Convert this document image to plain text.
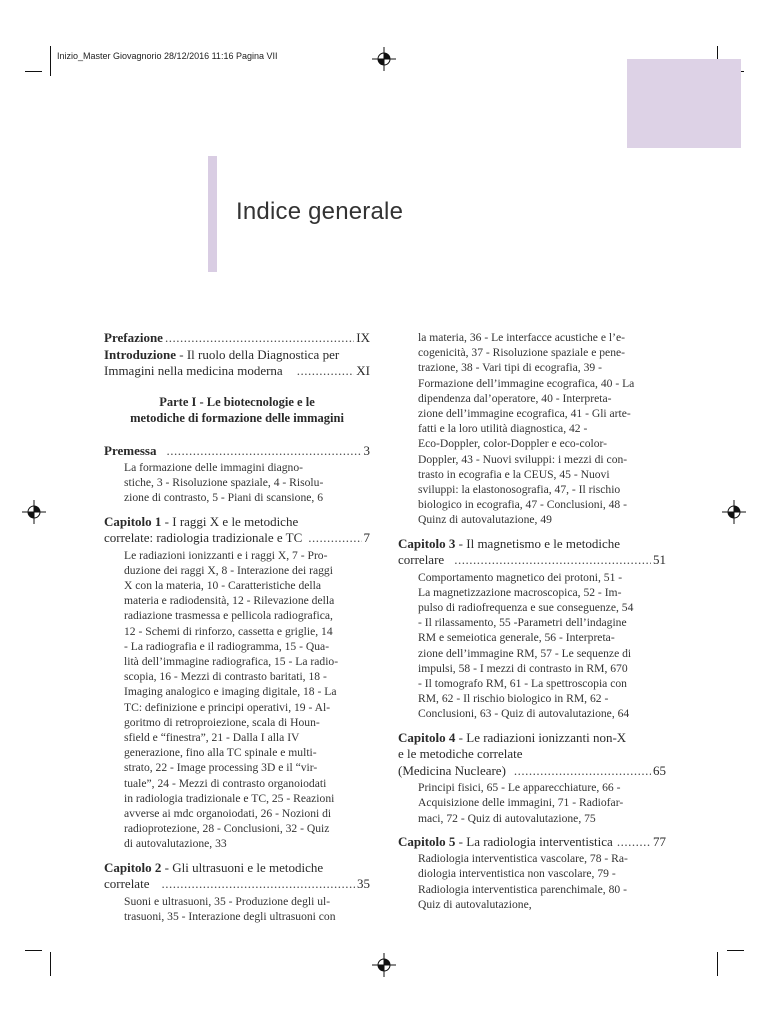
Inizio_Master Giovagnorio 28/12/2016 11:16 Pagina VII
Indice generale
Prefazione .....	IX
Introduzione - Il ruolo della Diagnostica per
Immagini nella medicina moderna .....	XI
Parte I - Le biotecnologie e le
metodiche di formazione delle immagini
Premessa .....	3
La formazione delle immagini diagno-
stiche, 3 - Risoluzione spaziale, 4 - Risolu-
zione di contrasto, 5 - Piani di scansione, 6
Capitolo 1 - I raggi X e le metodiche
correlate: radiologia tradizionale e TC .....	7
Le radiazioni ionizzanti e i raggi X, 7 - Pro-
duzione dei raggi X, 8 - Interazione dei raggi
X con la materia, 10 - Caratteristiche della
materia e radiodensità, 12 - Rilevazione della
radiazione trasmessa e pellicola radiografica,
12 - Schemi di rinforzo, cassetta e griglie, 14
- La radiografia e il radiogramma, 15 - Qua-
lità dell’immagine radiografica, 15 - La radio-
scopia, 16 - Mezzi di contrasto baritati, 18 -
Imaging analogico e imaging digitale, 18 - La
TC: definizione e principi operativi, 19 - Al-
goritmo di retroproiezione, scala di Houn-
sfield e “finestra”, 21 - Dalla I alla IV
generazione, fino alla TC spinale e multi-
strato, 22 - Image processing 3D e il “vir-
tuale”, 24 - Mezzi di contrasto organoiodati
in radiologia tradizionale e TC, 25 - Reazioni
avverse ai mdc organoiodati, 26 - Nozioni di
radioprotezione, 28 - Conclusioni, 32 - Quiz
di autovalutazione, 33
Capitolo 2 - Gli ultrasuoni e le metodiche
correlate .....	35
Suoni e ultrasuoni, 35 - Produzione degli ul-
trasuoni, 35 - Interazione degli ultrasuoni con
la materia, 36 - Le interfacce acustiche e l’e-
cogenicità, 37 - Risoluzione spaziale e pene-
trazione, 38 - Vari tipi di ecografia, 39 -
Formazione dell’immagine ecografica, 40 - La
dipendenza dal’operatore, 40 - Interpreta-
zione dell’immagine ecografica, 41 - Gli arte-
fatti e la loro utilità diagnostica, 42 -
Eco-Doppler, color-Doppler e eco-color-
Doppler, 43 - Nuovi sviluppi: i mezzi di con-
trasto in ecografia e la CEUS, 45 - Nuovi
sviluppi: la elastonosografia, 47, - Il rischio
biologico in ecografia, 47 - Conclusioni, 48 -
Quinz di autovalutazione, 49
Capitolo 3 - Il magnetismo e le metodiche
correlare .....	51
Comportamento magnetico dei protoni, 51 -
La magnetizzazione macroscopica, 52 - Im-
pulso di radiofrequenza e sue conseguenze, 54
- Il rilassamento, 55 -Parametri dell’indagine
RM e semeiotica generale, 56 - Interpreta-
zione dell’immagine RM, 57 - Le sequenze di
impulsi, 58 - I mezzi di contrasto in RM, 670
- Il tomografo RM, 61 - La spettroscopia con
RM, 62 - Il rischio biologico in RM, 62 -
Conclusioni, 63 - Quiz di autovalutazione, 64
Capitolo 4 - Le radiazioni ionizzanti non-X
e le metodiche correlate
(Medicina Nucleare) .....	65
Principi fisici, 65 - Le apparecchiature, 66 -
Acquisizione delle immagini, 71 - Radiofar-
maci, 72 - Quiz di autovalutazione, 75
Capitolo 5 - La radiologia interventistica .....	77
Radiologia interventistica vascolare, 78 - Ra-
diologia interventistica non vascolare, 79 -
Radiologia interventistica parenchimale, 80 -
Quiz di autovalutazione,
